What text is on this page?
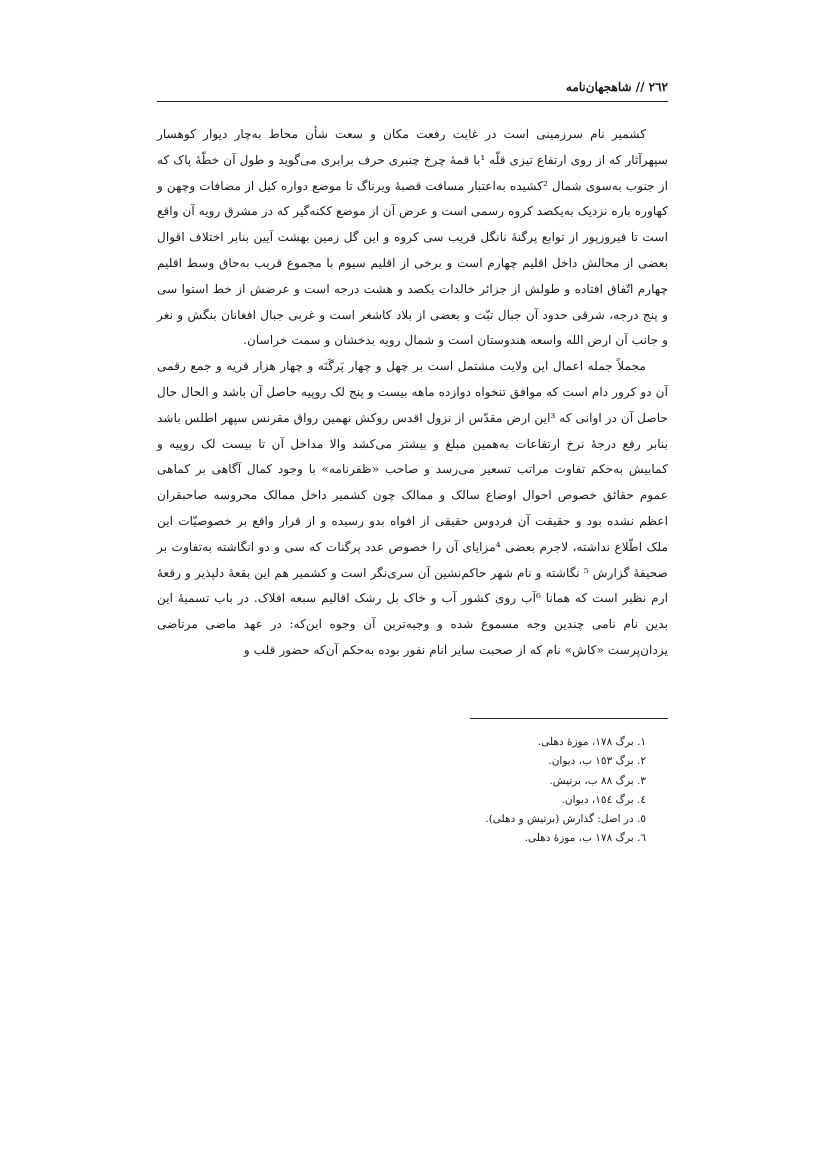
٢٦٢ // شاهجهان‌نامه

کشمیر نام سرزمینی است در غایت رفعت مکان و سعت شأن محاط به‌چار دیوار کوهسار سپهرآثار که از روی ارتفاع تیزی قلّه ¹با قمهٔ چرخ چنبری حرف برابری می‌گوید و طول آن خطّهٔ پاک که از جنوب به‌سوی شمال ²کشیده به‌اعتبار مسافت قصبهٔ ویرناگ تا موضع دواره کیل از مضافات وچهن و کهاوره باره نزدیک به‌یکصد کروه رسمی است و عرض آن از موضع ککنه‌گیر که در مشرق رویه آن واقع است تا فیروزپور از توابع پرگنهٔ نانگل قریب سی کروه و این گل زمین بهشت آیین بنابر اختلاف اقوال بعضی از محالش داخل اقلیم چهارم است و برخی از اقلیم سیوم با مجموع قریب به‌حاق وسط اقلیم چهارم اتّفاق افتاده و طولش از جزائر خالدات یکصد و هشت درجه است و عرضش از خط استوا سی و پنج درجه، شرقی حدود آن جبال تبّت و بعضی از بلاد کاشغر است و غربی جبال افغانان بنگش و نغر و جانب آن ارض الله واسعه هندوستان است و شمال رویه بدخشان و سمت خراسان.

مجملاً جمله اعمال این ولایت مشتمل است بر چهل و چهار پَرگَنَه و چهار هزار قریه و جمع رقمی آن دو کرور دام است که موافق تنخواه دوازده ماهه بیست و پنج لک روپیه حاصل آن باشد و الحال حال حاصل آن در اوانی که ³این ارض مقدّس از نزول اقدس روکش نهمین رواق مقرنس سپهر اطلس باشد بنابر رفع درجهٔ نرخ ارتفاعات به‌همین مبلغ و بیشتر می‌کشد والا مداخل آن تا بیست لک روپیه و کمابیش به‌حکم تفاوت مراتب تسعیر می‌رسد و صاحب «ظفرنامه» با وجود کمال آگاهی بر کماهی عموم حقائق خصوص احوال اوضاع سالک و ممالک چون کشمیر داخل ممالک محروسه صاحبقران اعظم نشده بود و حقیقت آن فردوس حقیقی از افواه بدو رسیده و از قرار واقع بر خصوصیّات این ملک اطّلاع نداشته، لاجرم بعضی ⁴مزایای آن را خصوص عدد پرگنات که سی و دو انگاشته به‌تفاوت بر صحیفهٔ گزارش ⁵ نگاشته و نام شهر حاکم‌نشین آن سری‌نگر است و کشمیر هم این بقعهٔ دلپذیر و رقعهٔ ارم نظیر است که همانا ⁶آب روی کشور آب و خاک بل رشک اقالیم سبعه افلاک. در باب تسمیهٔ این بدین نام نامی چندین وجه مسموع شده و وجیه‌ترین آن وجوه این‌که: در عهد ماضی مرتاضی یزدان‌پرست «کاش» نام که از صحبت سایر انام نفور بوده به‌حکم آن‌که حضور قلب و

١. برگ ١٧٨، موزهٔ دهلی.

٢. برگ ١٥٣ ب، دیوان.

٣. برگ ٨٨ ب، برتیش.

٤. برگ ١٥٤، دیوان.

٥. در اصل: گذارش (برتیش و دهلی).

٦. برگ ١٧٨ ب، موزهٔ دهلی.
